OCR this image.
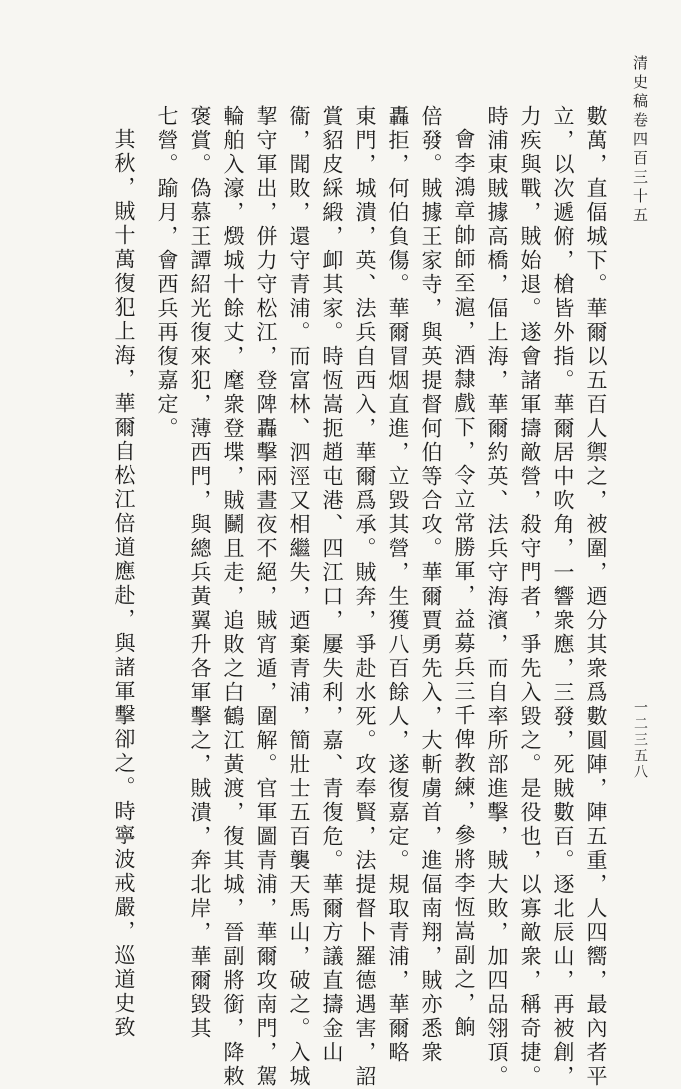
清史稿卷四百三十五
一二三五八
數萬，直偪城下。華爾以五百人禦之，被圍，迺分其衆爲數圓陣，陣五重，人四嚮，最內者平
立，以次遞俯，槍皆外指。華爾居中吹角，一響衆應，三發，死賊數百。逐北辰山，再被創，
力疾與戰，賊始退。遂會諸軍擣敵營，殺守門者，爭先入毀之。是役也，以寡敵衆，稱奇捷。
時浦東賊據高橋，偪上海，華爾約英、法兵守海濱，而自率所部進擊，賊大敗，加四品翎頂。
會李鴻章帥師至滬，酒隸戲下，令立常勝軍，益募兵三千俾教練，參將李恆嵩副之，餉
倍發。賊據王家寺，與英提督何伯等合攻。華爾賈勇先入，大斬虜首，進偪南翔，賊亦悉衆
轟拒，何伯負傷。華爾冒烟直進，立毀其營，生獲八百餘人，遂復嘉定。規取青浦，華爾略
東門，城潰，英、法兵自西入，華爾爲承。賊奔，爭赴水死。攻奉賢，法提督卜羅德遇害，詔
賞貂皮綵緞，卹其家。時恆嵩扼趙屯港、四江口，屢失利，嘉、青復危。華爾方議直擣金山
衞，聞敗，還守青浦。而富林、泗涇又相繼失，迺棄青浦，簡壯士五百襲天馬山，破之。入城
挈守軍出，併力守松江，登陴轟擊兩晝夜不絕，賊宵遁，圍解。官軍圖青浦，華爾攻南門，駕
輪舶入濠，燬城十餘丈，麾衆登堞，賊鬭且走，追敗之白鶴江黃渡，復其城，晉副將銜，降敕
褒賞。偽慕王譚紹光復來犯，薄西門，與總兵黃翼升各軍擊之，賊潰，奔北岸，華爾毀其
七營。踰月，會西兵再復嘉定。
其秋，賊十萬復犯上海，華爾自松江倍道應赴，與諸軍擊卻之。時寧波戒嚴，巡道史致
